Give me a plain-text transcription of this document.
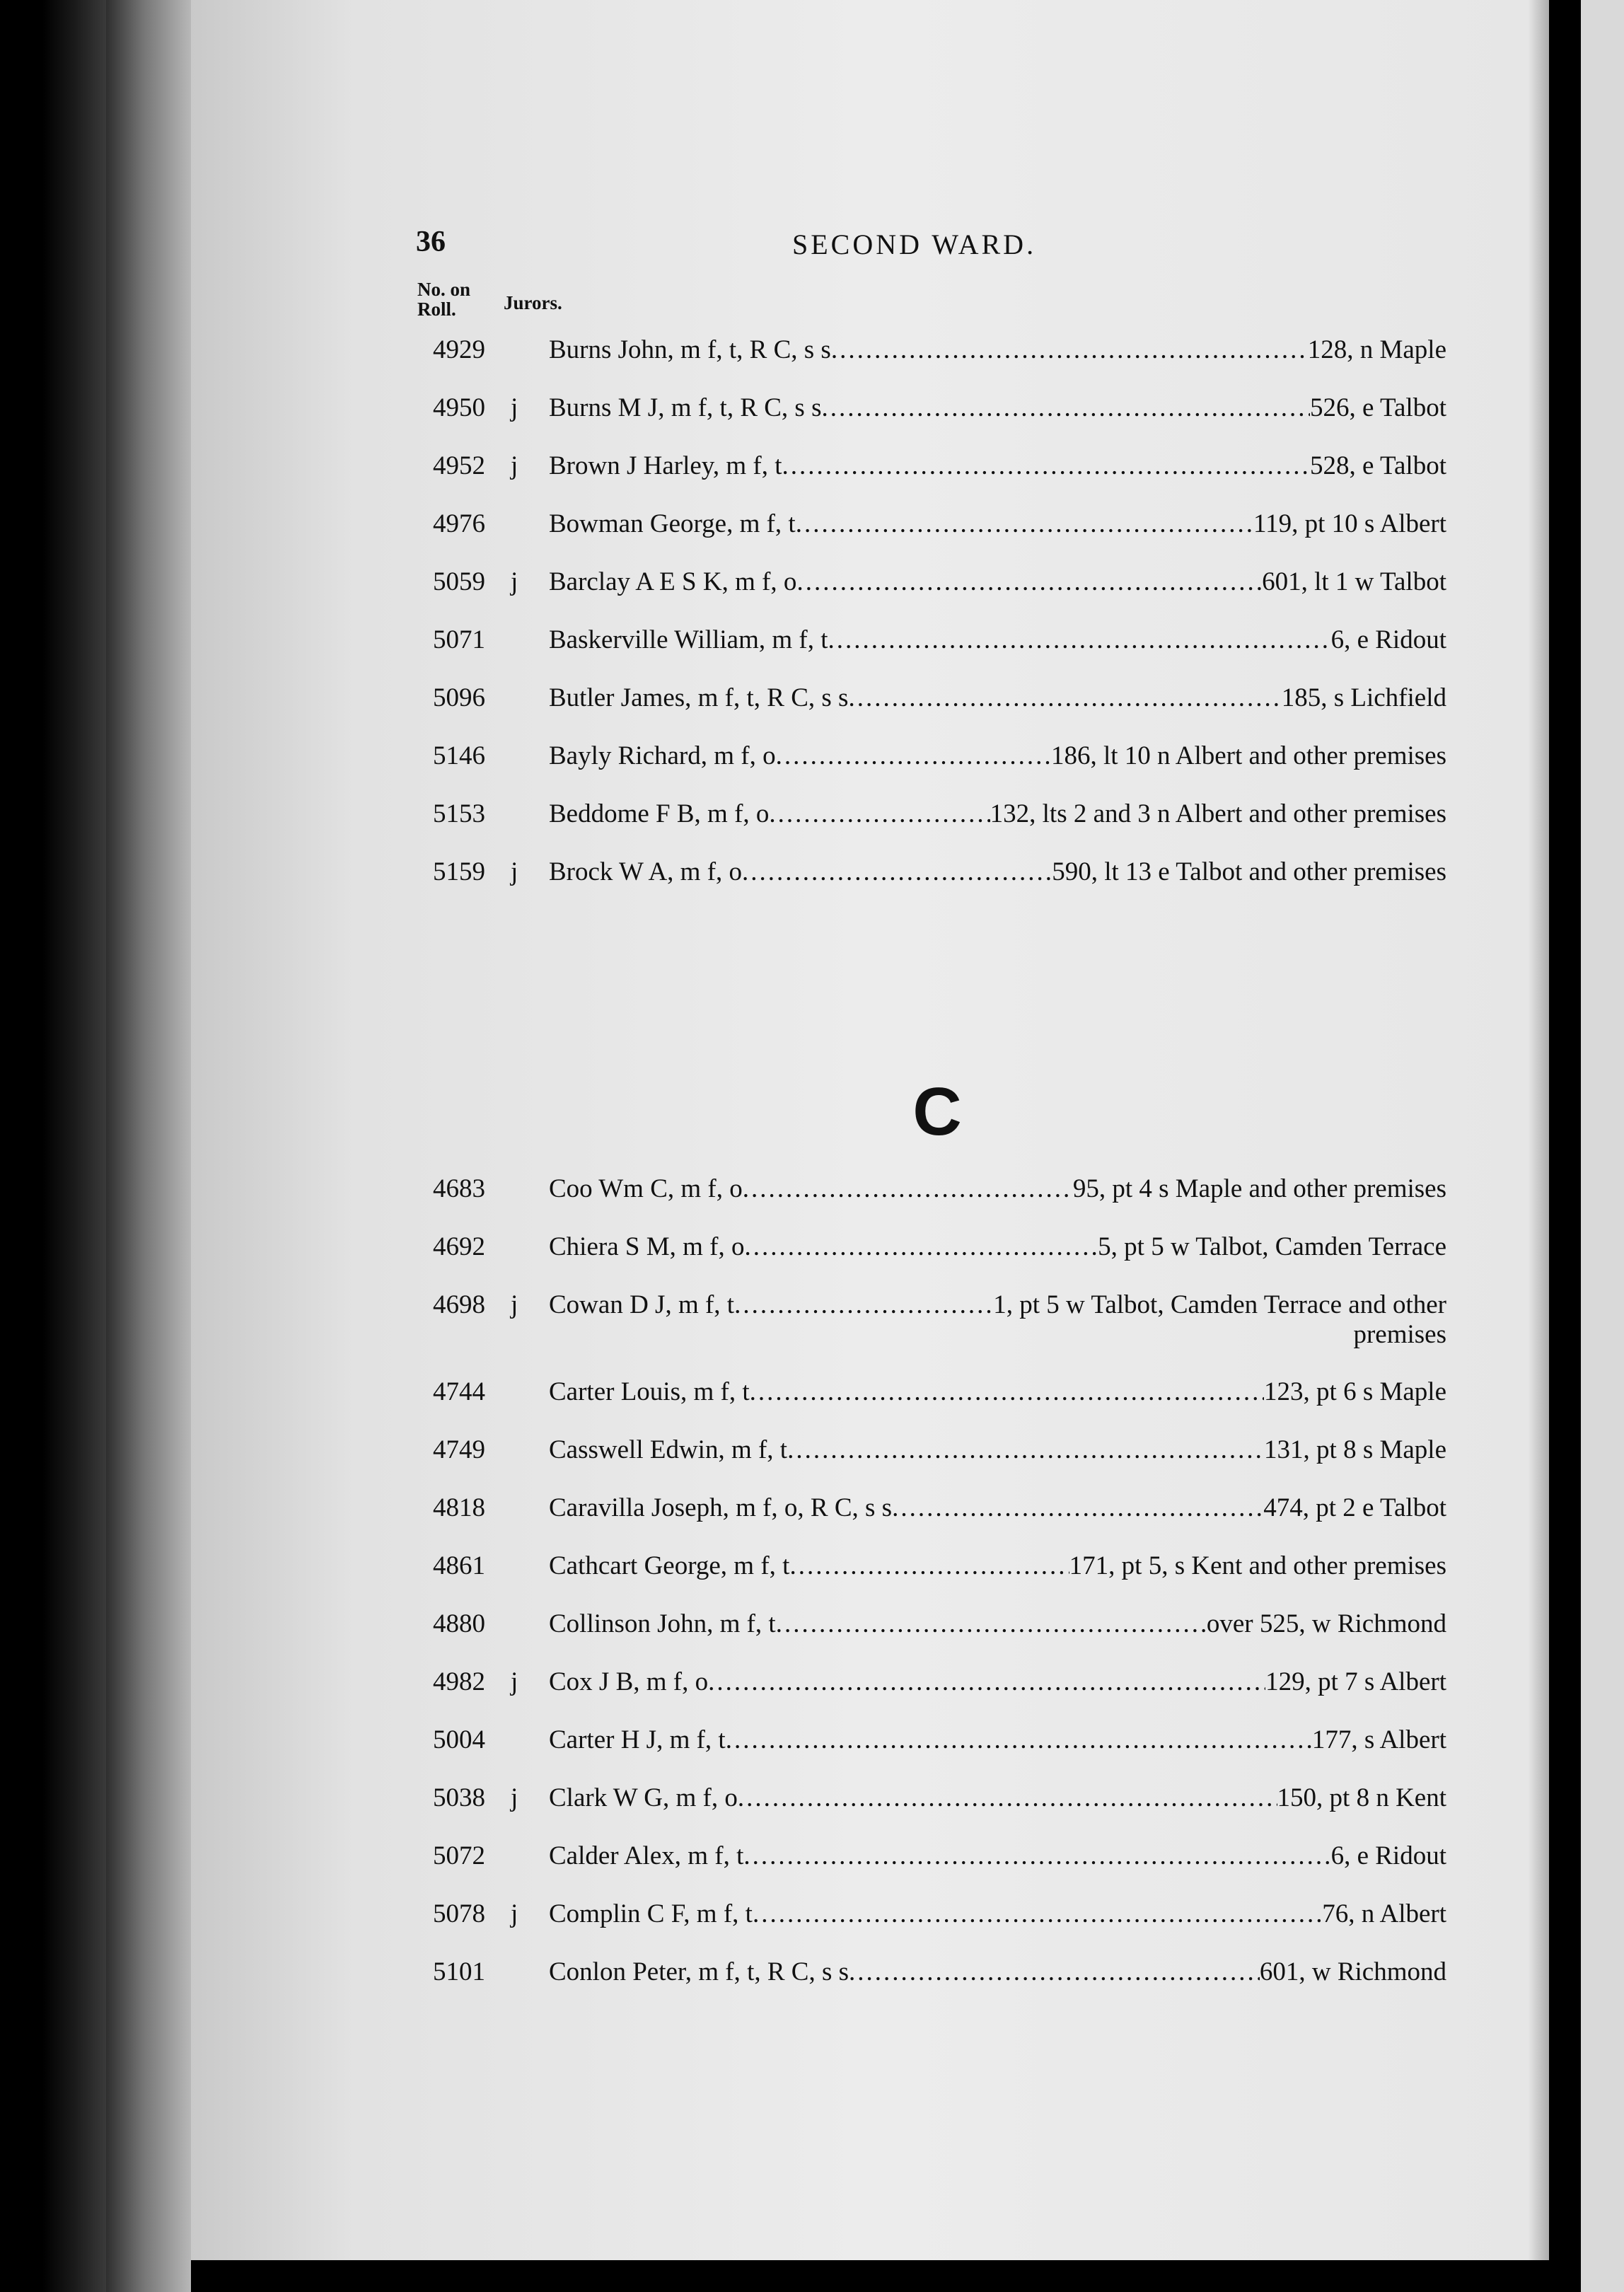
36	SECOND WARD.
No. on
Roll.	Jurors.
4929 Burns John, m f, t, R C, s s .....	128, n Maple
4950 j Burns M J, m f, t, R C, s s .....	526, e Talbot
4952 j Brown J Harley, m f, t .....	528, e Talbot
4976 Bowman George, m f, t .....	119, pt 10 s Albert
5059 j Barclay A E S K, m f, o .....	601, lt 1 w Talbot
5071 Baskerville William, m f, t .....	6, e Ridout
5096 Butler James, m f, t, R C, s s .....	185, s Lichfield
5146 Bayly Richard, m f, o .....	186, lt 10 n Albert and other premises
5153 Beddome F B, m f, o .....	132, lts 2 and 3 n Albert and other premises
5159 j Brock W A, m f, o .....	590, lt 13 e Talbot and other premises
C
4683 Coo Wm C, m f, o .....	95, pt 4 s Maple and other premises
4692 Chiera S M, m f, o .....	5, pt 5 w Talbot, Camden Terrace
4698 j Cowan D J, m f, t .....	1, pt 5 w Talbot, Camden Terrace and other
premises
4744 Carter Louis, m f, t .....	123, pt 6 s Maple
4749 Casswell Edwin, m f, t .....	131, pt 8 s Maple
4818 Caravilla Joseph, m f, o, R C, s s .....	474, pt 2 e Talbot
4861 Cathcart George, m f, t .....	171, pt 5, s Kent and other premises
4880 Collinson John, m f, t .....	over 525, w Richmond
4982 j Cox J B, m f, o .....	129, pt 7 s Albert
5004 Carter H J, m f, t .....	177, s Albert
5038 j Clark W G, m f, o .....	150, pt 8 n Kent
5072 Calder Alex, m f, t .....	6, e Ridout
5078 j Complin C F, m f, t .....	76, n Albert
5101 Conlon Peter, m f, t, R C, s s .....	601, w Richmond
